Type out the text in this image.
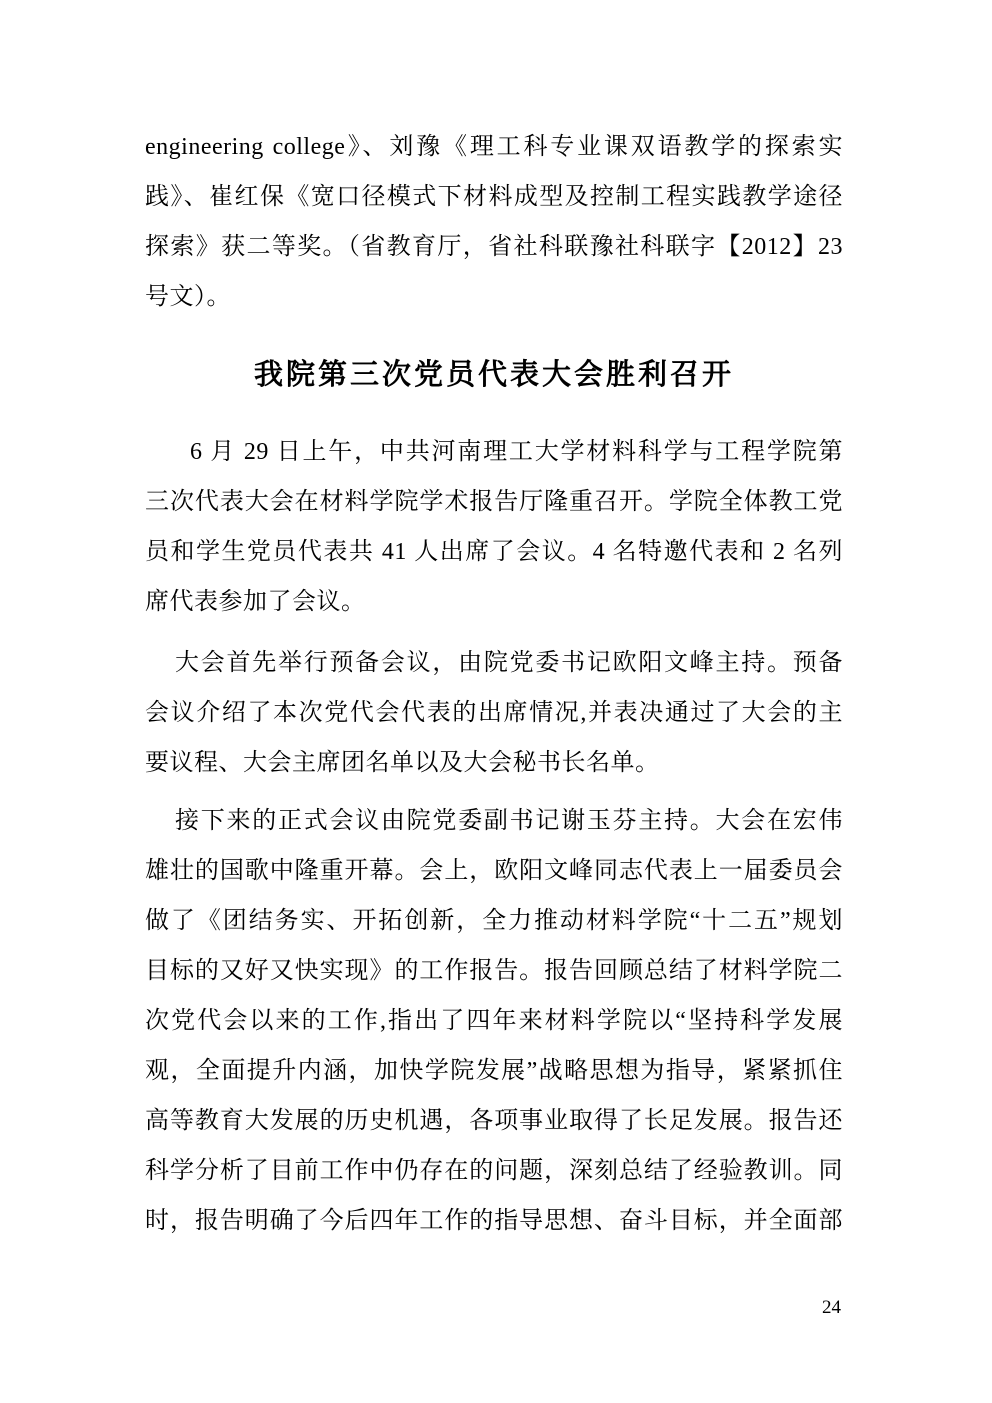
engineering college》、刘豫《理工科专业课双语教学的探索实
践》、崔红保《宽口径模式下材料成型及控制工程实践教学途径
探索》获二等奖。（省教育厅，省社科联豫社科联字【2012】23
号文）。
我院第三次党员代表大会胜利召开
6 月 29 日上午，中共河南理工大学材料科学与工程学院第
三次代表大会在材料学院学术报告厅隆重召开。学院全体教工党
员和学生党员代表共 41 人出席了会议。4 名特邀代表和 2 名列
席代表参加了会议。
大会首先举行预备会议，由院党委书记欧阳文峰主持。预备
会议介绍了本次党代会代表的出席情况,并表决通过了大会的主
要议程、大会主席团名单以及大会秘书长名单。
接下来的正式会议由院党委副书记谢玉芬主持。大会在宏伟
雄壮的国歌中隆重开幕。会上，欧阳文峰同志代表上一届委员会
做了《团结务实、开拓创新，全力推动材料学院“十二五”规划
目标的又好又快实现》的工作报告。报告回顾总结了材料学院二
次党代会以来的工作,指出了四年来材料学院以“坚持科学发展
观，全面提升内涵，加快学院发展”战略思想为指导，紧紧抓住
高等教育大发展的历史机遇，各项事业取得了长足发展。报告还
科学分析了目前工作中仍存在的问题，深刻总结了经验教训。同
时，报告明确了今后四年工作的指导思想、奋斗目标，并全面部
24
